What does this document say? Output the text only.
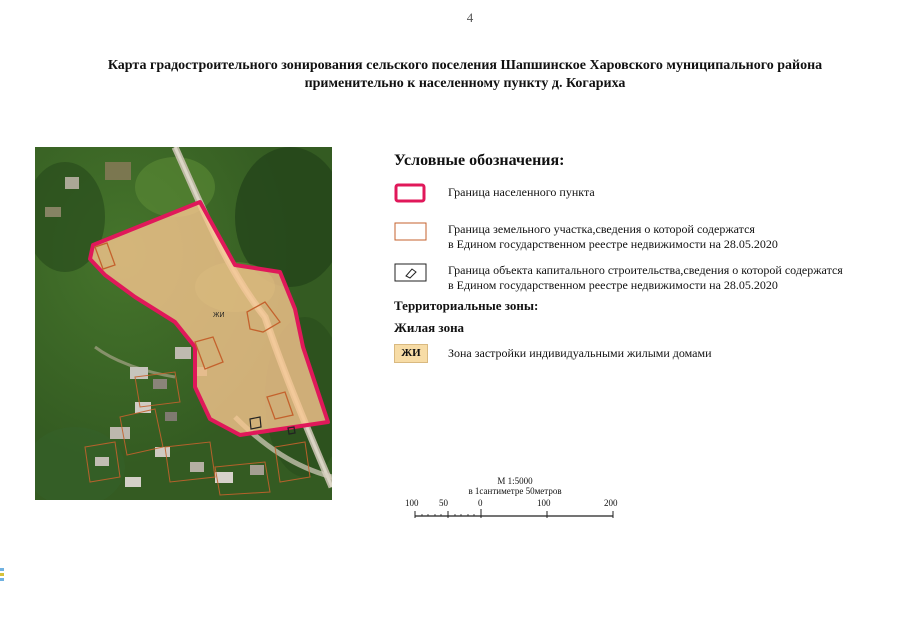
4
Карта градостроительного зонирования сельского поселения Шапшинское Харовского муниципального района
применительно к населенному пункту д. Когариха
ЖИ
Условные обозначения:
Граница населенного пункта
Граница земельного участка,сведения о которой содержатся
в Едином государственном реестре недвижимости на 28.05.2020
Граница объекта капитального строительства,сведения о которой содержатся
в Едином государственном реестре недвижимости на 28.05.2020
Территориальные зоны:
Жилая зона
ЖИ	Зона застройки индивидуальными жилыми домами
М 1:5000
в 1сантиметре 50метров
100 50	0	100	200
